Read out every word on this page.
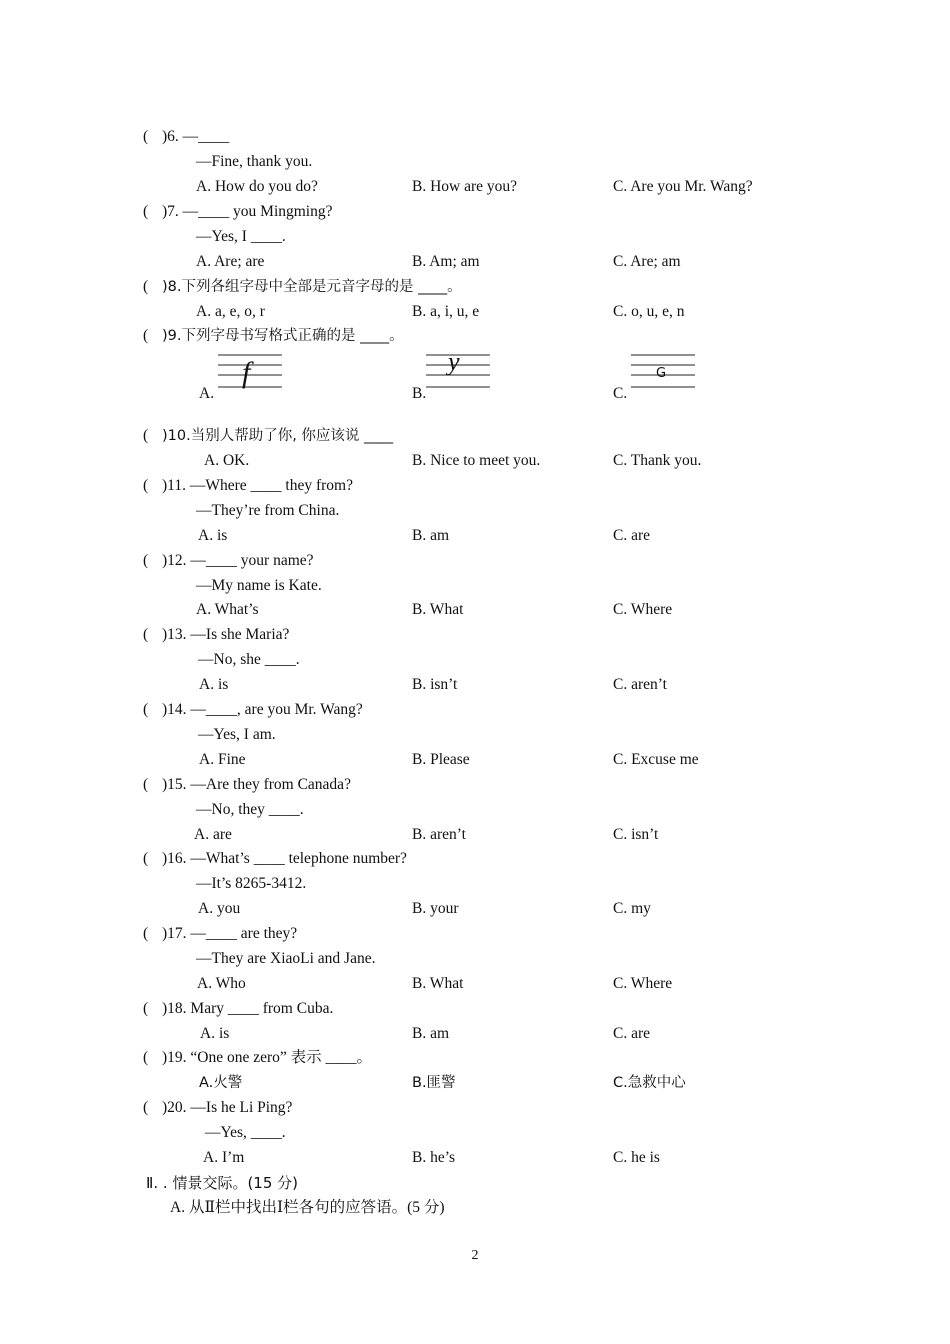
( )6. —____
—Fine, thank you.
A. How do you do?	B. How are you?	C. Are you Mr. Wang?
( )7. —____ you Mingming?
—Yes, I ____.
A. Are; are	B. Am; am	C. Are; am
( )8.下列各组字母中全部是元音字母的是 ____。
A. a, e, o, r	B. a, i, u, e	C. o, u, e, n
( )9.下列字母书写格式正确的是 ____。
A.	B.	C.
f	y	G
( )10.当别人帮助了你, 你应该说 ____
A. OK.	B. Nice to meet you.	C. Thank you.
( )11. —Where ____ they from?
—They’re from China.
A. is	B. am	C. are
( )12. —____ your name?
—My name is Kate.
A. What’s	B. What	C. Where
( )13. —Is she Maria?
—No, she ____.
A. is	B. isn’t	C. aren’t
( )14. —____, are you Mr. Wang?
—Yes, I am.
A. Fine	B. Please	C. Excuse me
( )15. —Are they from Canada?
—No, they ____.
A. are	B. aren’t	C. isn’t
( )16. —What’s ____ telephone number?
—It’s 8265-3412.
A. you	B. your	C. my
( )17. —____ are they?
—They are XiaoLi and Jane.
A. Who	B. What	C. Where
( )18. Mary ____ from Cuba.
A. is	B. am	C. are
( )19. “One one zero” 表示 ____。
A.火警	B.匪警	C.急救中心
( )20. —Is he Li Ping?
—Yes, ____.
A. I’m	B. he’s	C. he is
Ⅱ. . 情景交际。(15 分)
A. 从Ⅱ栏中找出Ⅰ栏各句的应答语。(5 分)
2
